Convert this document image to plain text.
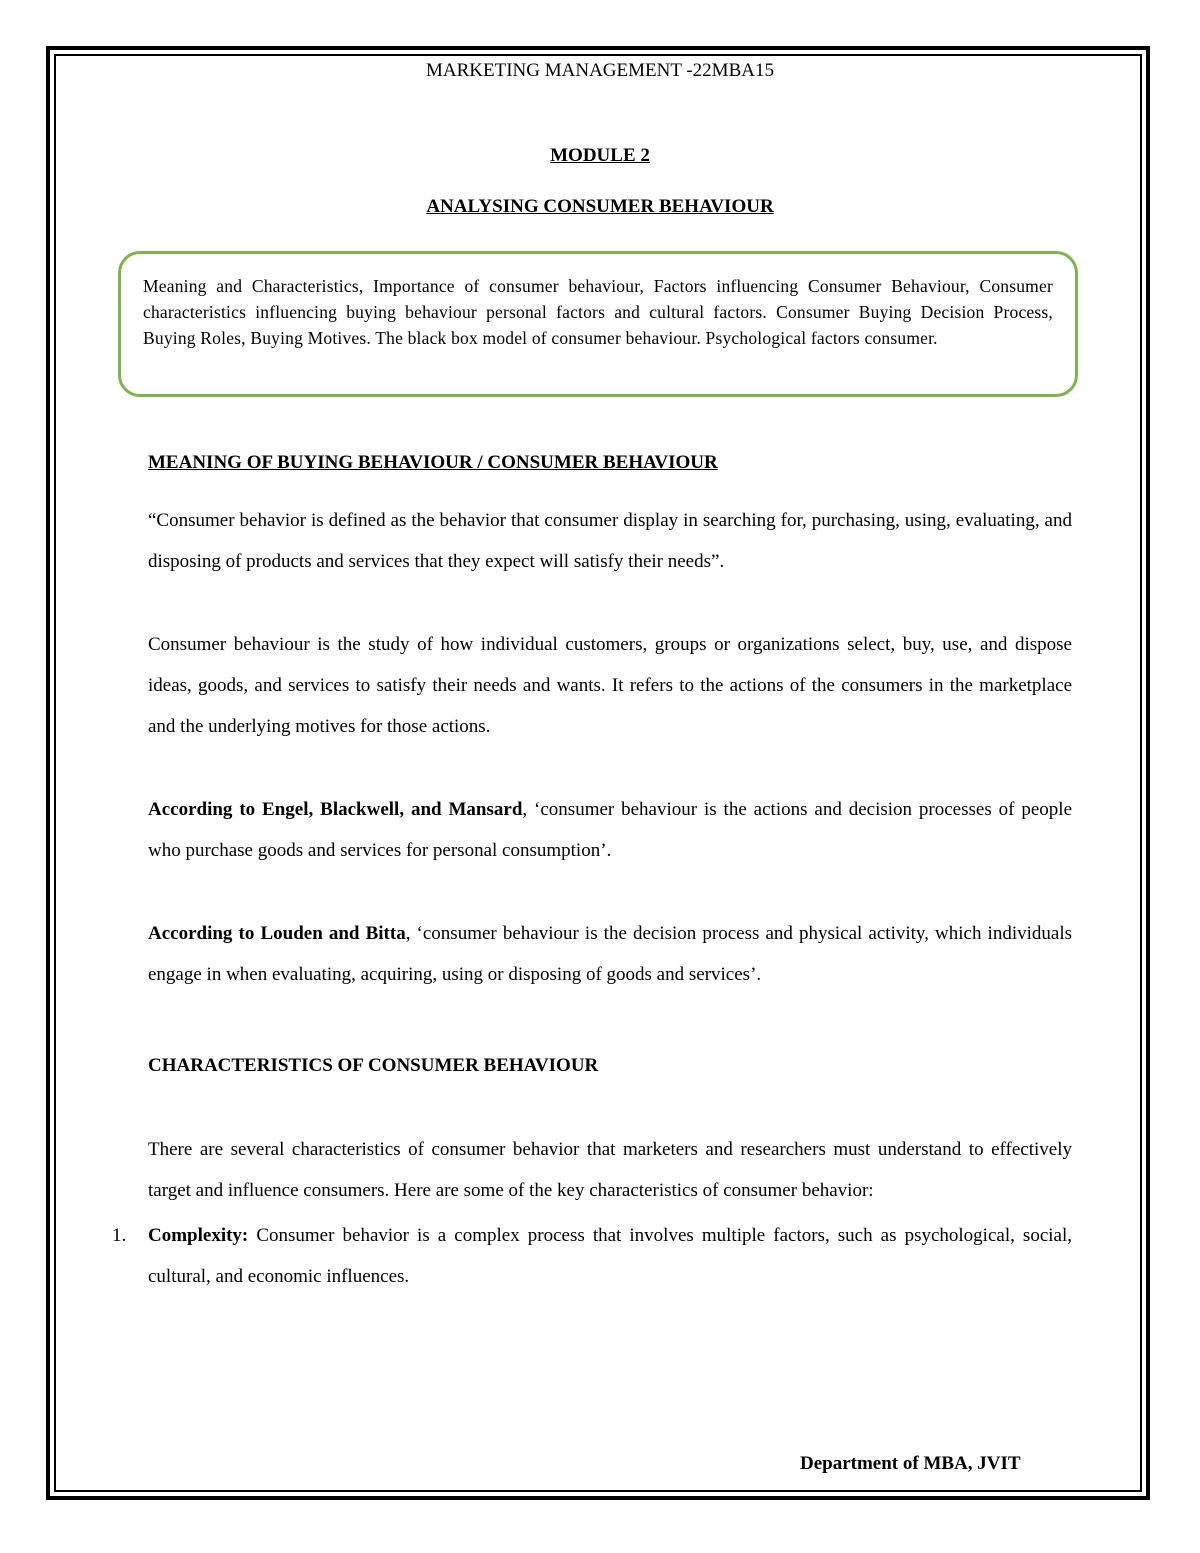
MARKETING MANAGEMENT -22MBA15
MODULE 2
ANALYSING CONSUMER BEHAVIOUR
Meaning and Characteristics, Importance of consumer behaviour, Factors influencing Consumer Behaviour, Consumer characteristics influencing buying behaviour personal factors and cultural factors. Consumer Buying Decision Process, Buying Roles, Buying Motives. The black box model of consumer behaviour. Psychological factors consumer.

MEANING OF BUYING BEHAVIOUR / CONSUMER BEHAVIOUR

“Consumer behavior is defined as the behavior that consumer display in searching for, purchasing, using, evaluating, and disposing of products and services that they expect will satisfy their needs”.

Consumer behaviour is the study of how individual customers, groups or organizations select, buy, use, and dispose ideas, goods, and services to satisfy their needs and wants. It refers to the actions of the consumers in the marketplace and the underlying motives for those actions.

According to Engel, Blackwell, and Mansard, ‘consumer behaviour is the actions and decision processes of people who purchase goods and services for personal consumption’.

According to Louden and Bitta, ‘consumer behaviour is the decision process and physical activity, which individuals engage in when evaluating, acquiring, using or disposing of goods and services’.

CHARACTERISTICS OF CONSUMER BEHAVIOUR

There are several characteristics of consumer behavior that marketers and researchers must understand to effectively target and influence consumers. Here are some of the key characteristics of consumer behavior:

1. Complexity: Consumer behavior is a complex process that involves multiple factors, such as psychological, social, cultural, and economic influences.

Department of MBA, JVIT
